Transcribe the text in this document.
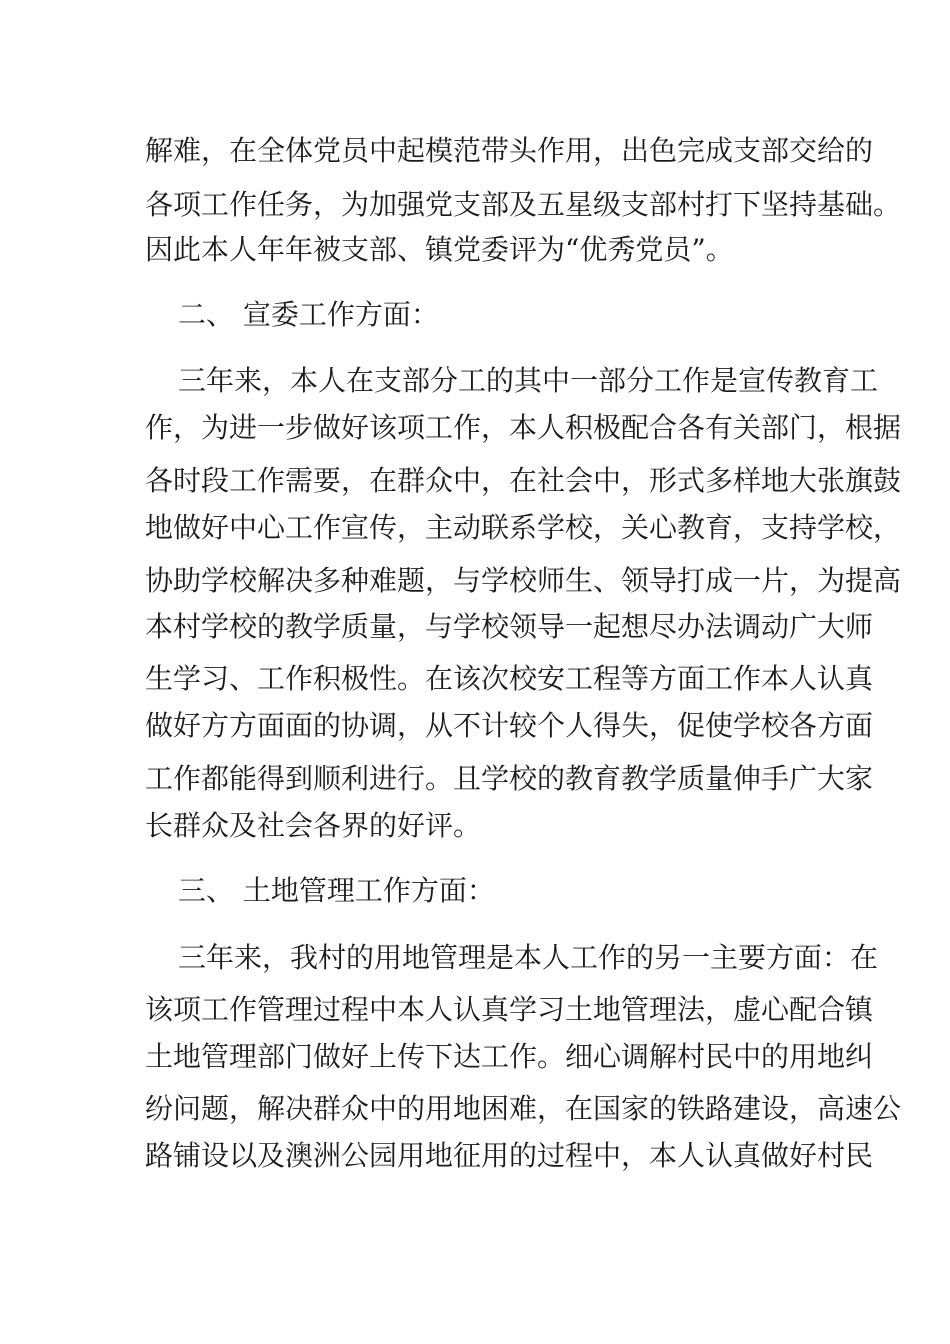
解难，在全体党员中起模范带头作用，出色完成支部交给的
各项工作任务，为加强党支部及五星级支部村打下坚持基础。
因此本人年年被支部、镇党委评为“优秀党员”。
二、 宣委工作方面：
三年来，本人在支部分工的其中一部分工作是宣传教育工
作，为进一步做好该项工作，本人积极配合各有关部门，根据
各时段工作需要，在群众中，在社会中，形式多样地大张旗鼓
地做好中心工作宣传，主动联系学校，关心教育，支持学校，
协助学校解决多种难题，与学校师生、领导打成一片，为提高
本村学校的教学质量，与学校领导一起想尽办法调动广大师
生学习、工作积极性。在该次校安工程等方面工作本人认真
做好方方面面的协调，从不计较个人得失，促使学校各方面
工作都能得到顺利进行。且学校的教育教学质量伸手广大家
长群众及社会各界的好评。
三、 土地管理工作方面：
三年来，我村的用地管理是本人工作的另一主要方面：在
该项工作管理过程中本人认真学习土地管理法，虚心配合镇
土地管理部门做好上传下达工作。细心调解村民中的用地纠
纷问题，解决群众中的用地困难，在国家的铁路建设，高速公
路铺设以及澳洲公园用地征用的过程中，本人认真做好村民
